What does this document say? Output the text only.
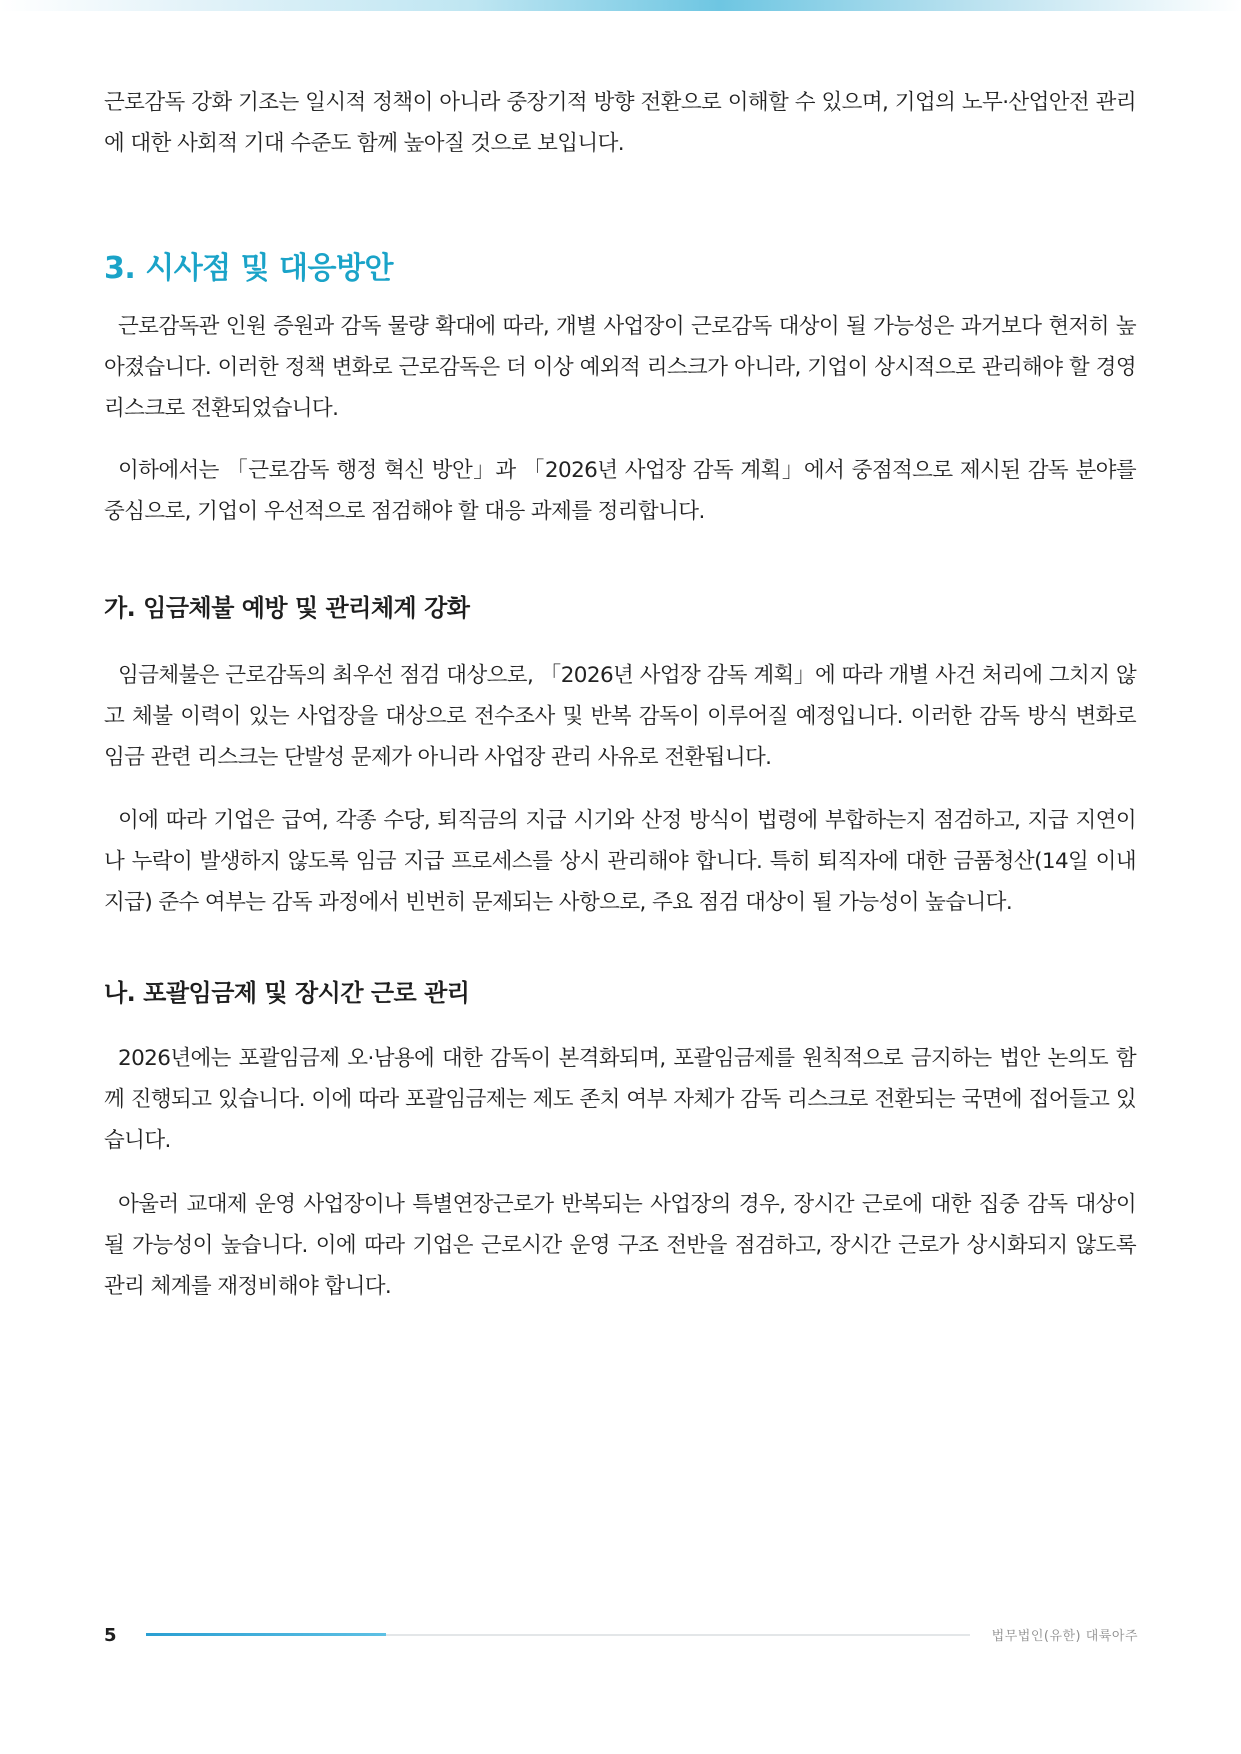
근로감독 강화 기조는 일시적 정책이 아니라 중장기적 방향 전환으로 이해할 수 있으며, 기업의 노무·산업안전 관리에 대한 사회적 기대 수준도 함께 높아질 것으로 보입니다.

3. 시사점 및 대응방안

근로감독관 인원 증원과 감독 물량 확대에 따라, 개별 사업장이 근로감독 대상이 될 가능성은 과거보다 현저히 높아졌습니다. 이러한 정책 변화로 근로감독은 더 이상 예외적 리스크가 아니라, 기업이 상시적으로 관리해야 할 경영 리스크로 전환되었습니다.

이하에서는 「근로감독 행정 혁신 방안」과 「2026년 사업장 감독 계획」에서 중점적으로 제시된 감독 분야를 중심으로, 기업이 우선적으로 점검해야 할 대응 과제를 정리합니다.

가. 임금체불 예방 및 관리체계 강화

임금체불은 근로감독의 최우선 점검 대상으로, 「2026년 사업장 감독 계획」에 따라 개별 사건 처리에 그치지 않고 체불 이력이 있는 사업장을 대상으로 전수조사 및 반복 감독이 이루어질 예정입니다. 이러한 감독 방식 변화로 임금 관련 리스크는 단발성 문제가 아니라 사업장 관리 사유로 전환됩니다.

이에 따라 기업은 급여, 각종 수당, 퇴직금의 지급 시기와 산정 방식이 법령에 부합하는지 점검하고, 지급 지연이나 누락이 발생하지 않도록 임금 지급 프로세스를 상시 관리해야 합니다. 특히 퇴직자에 대한 금품청산(14일 이내 지급) 준수 여부는 감독 과정에서 빈번히 문제되는 사항으로, 주요 점검 대상이 될 가능성이 높습니다.

나. 포괄임금제 및 장시간 근로 관리

2026년에는 포괄임금제 오·남용에 대한 감독이 본격화되며, 포괄임금제를 원칙적으로 금지하는 법안 논의도 함께 진행되고 있습니다. 이에 따라 포괄임금제는 제도 존치 여부 자체가 감독 리스크로 전환되는 국면에 접어들고 있습니다.

아울러 교대제 운영 사업장이나 특별연장근로가 반복되는 사업장의 경우, 장시간 근로에 대한 집중 감독 대상이 될 가능성이 높습니다. 이에 따라 기업은 근로시간 운영 구조 전반을 점검하고, 장시간 근로가 상시화되지 않도록 관리 체계를 재정비해야 합니다.

5	법무법인(유한) 대륙아주
